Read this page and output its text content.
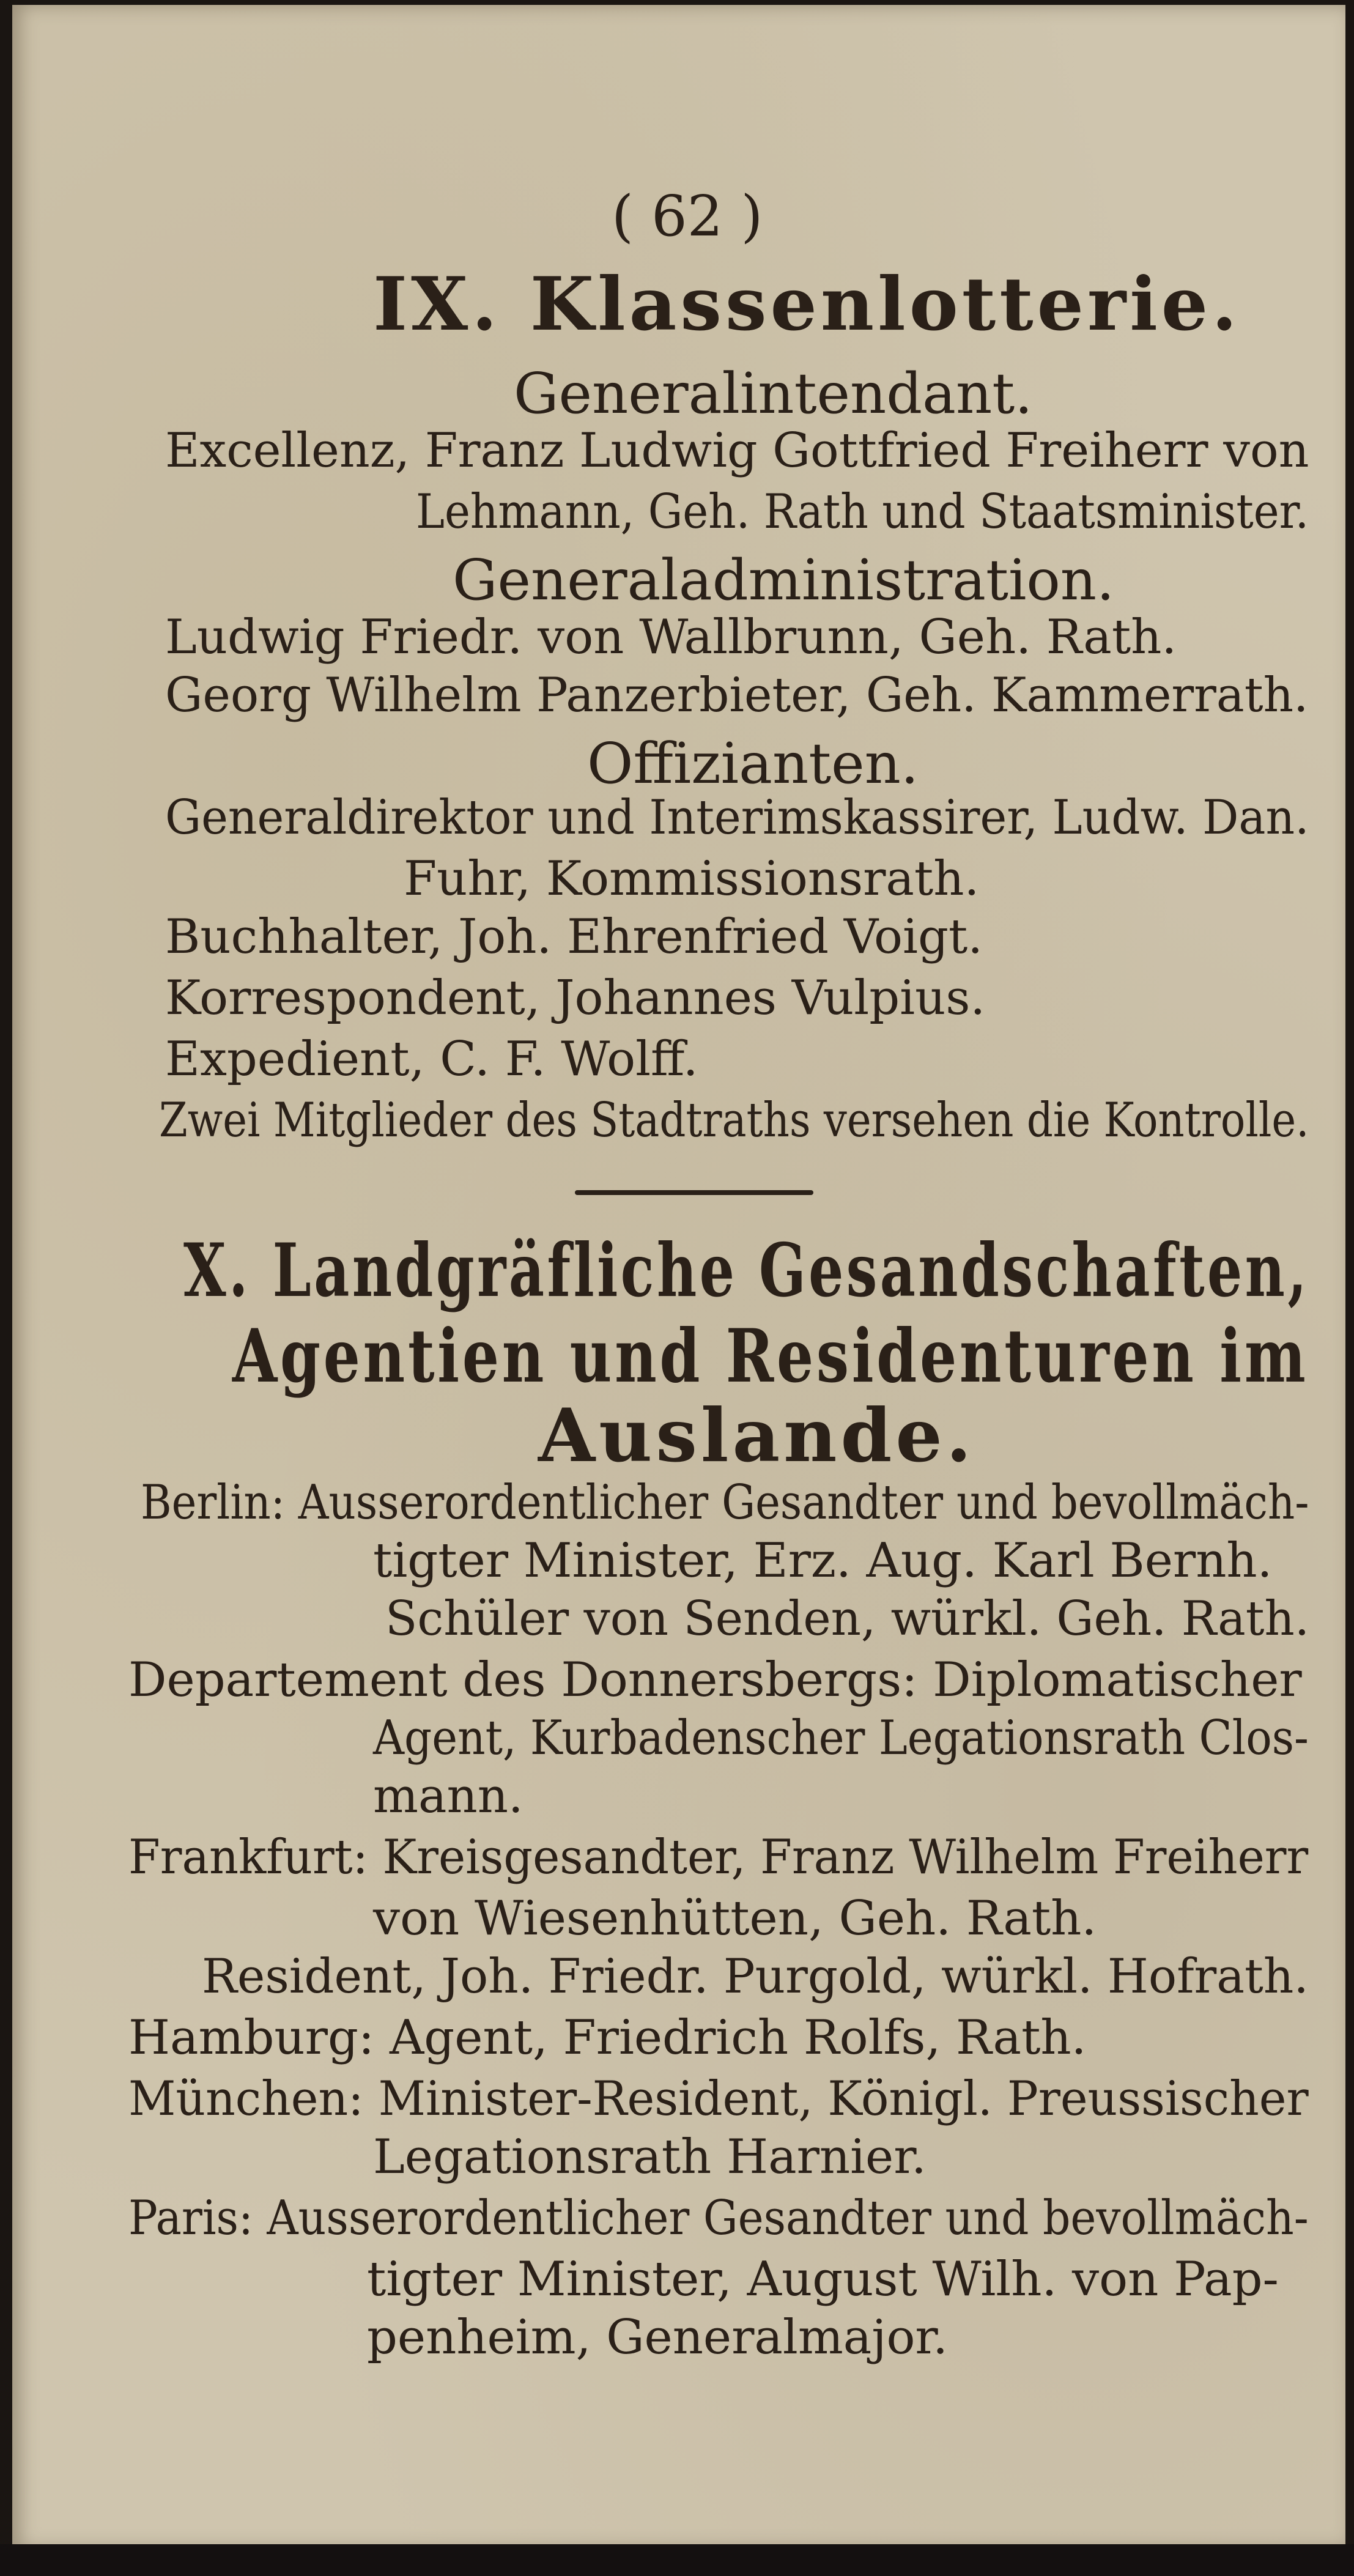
( 62 )
IX. Klassenlotterie.
Generalintendant.
Excellenz, Franz Ludwig Gottfried Freiherr von
Lehmann, Geh. Rath und Staatsminister.
Generaladministration.
Ludwig Friedr. von Wallbrunn, Geh. Rath.
Georg Wilhelm Panzerbieter, Geh. Kammerrath.
Offizianten.
Generaldirektor und Interimskassirer, Ludw. Dan.
Fuhr, Kommissionsrath.
Buchhalter, Joh. Ehrenfried Voigt.
Korrespondent, Johannes Vulpius.
Expedient, C. F. Wolff.
Zwei Mitglieder des Stadtraths versehen die Kontrolle.
X. Landgräfliche Gesandschaften,
Agentien und Residenturen im
Auslande.
Berlin: Ausserordentlicher Gesandter und bevollmäch-
tigter Minister, Erz. Aug. Karl Bernh.
Schüler von Senden, würkl. Geh. Rath.
Departement des Donnersbergs: Diplomatischer
Agent, Kurbadenscher Legationsrath Clos-
mann.
Frankfurt: Kreisgesandter, Franz Wilhelm Freiherr
von Wiesenhütten, Geh. Rath.
Resident, Joh. Friedr. Purgold, würkl. Hofrath.
Hamburg: Agent, Friedrich Rolfs, Rath.
München: Minister-Resident, Königl. Preussischer
Legationsrath Harnier.
Paris: Ausserordentlicher Gesandter und bevollmäch-
tigter Minister, August Wilh. von Pap-
penheim, Generalmajor.
